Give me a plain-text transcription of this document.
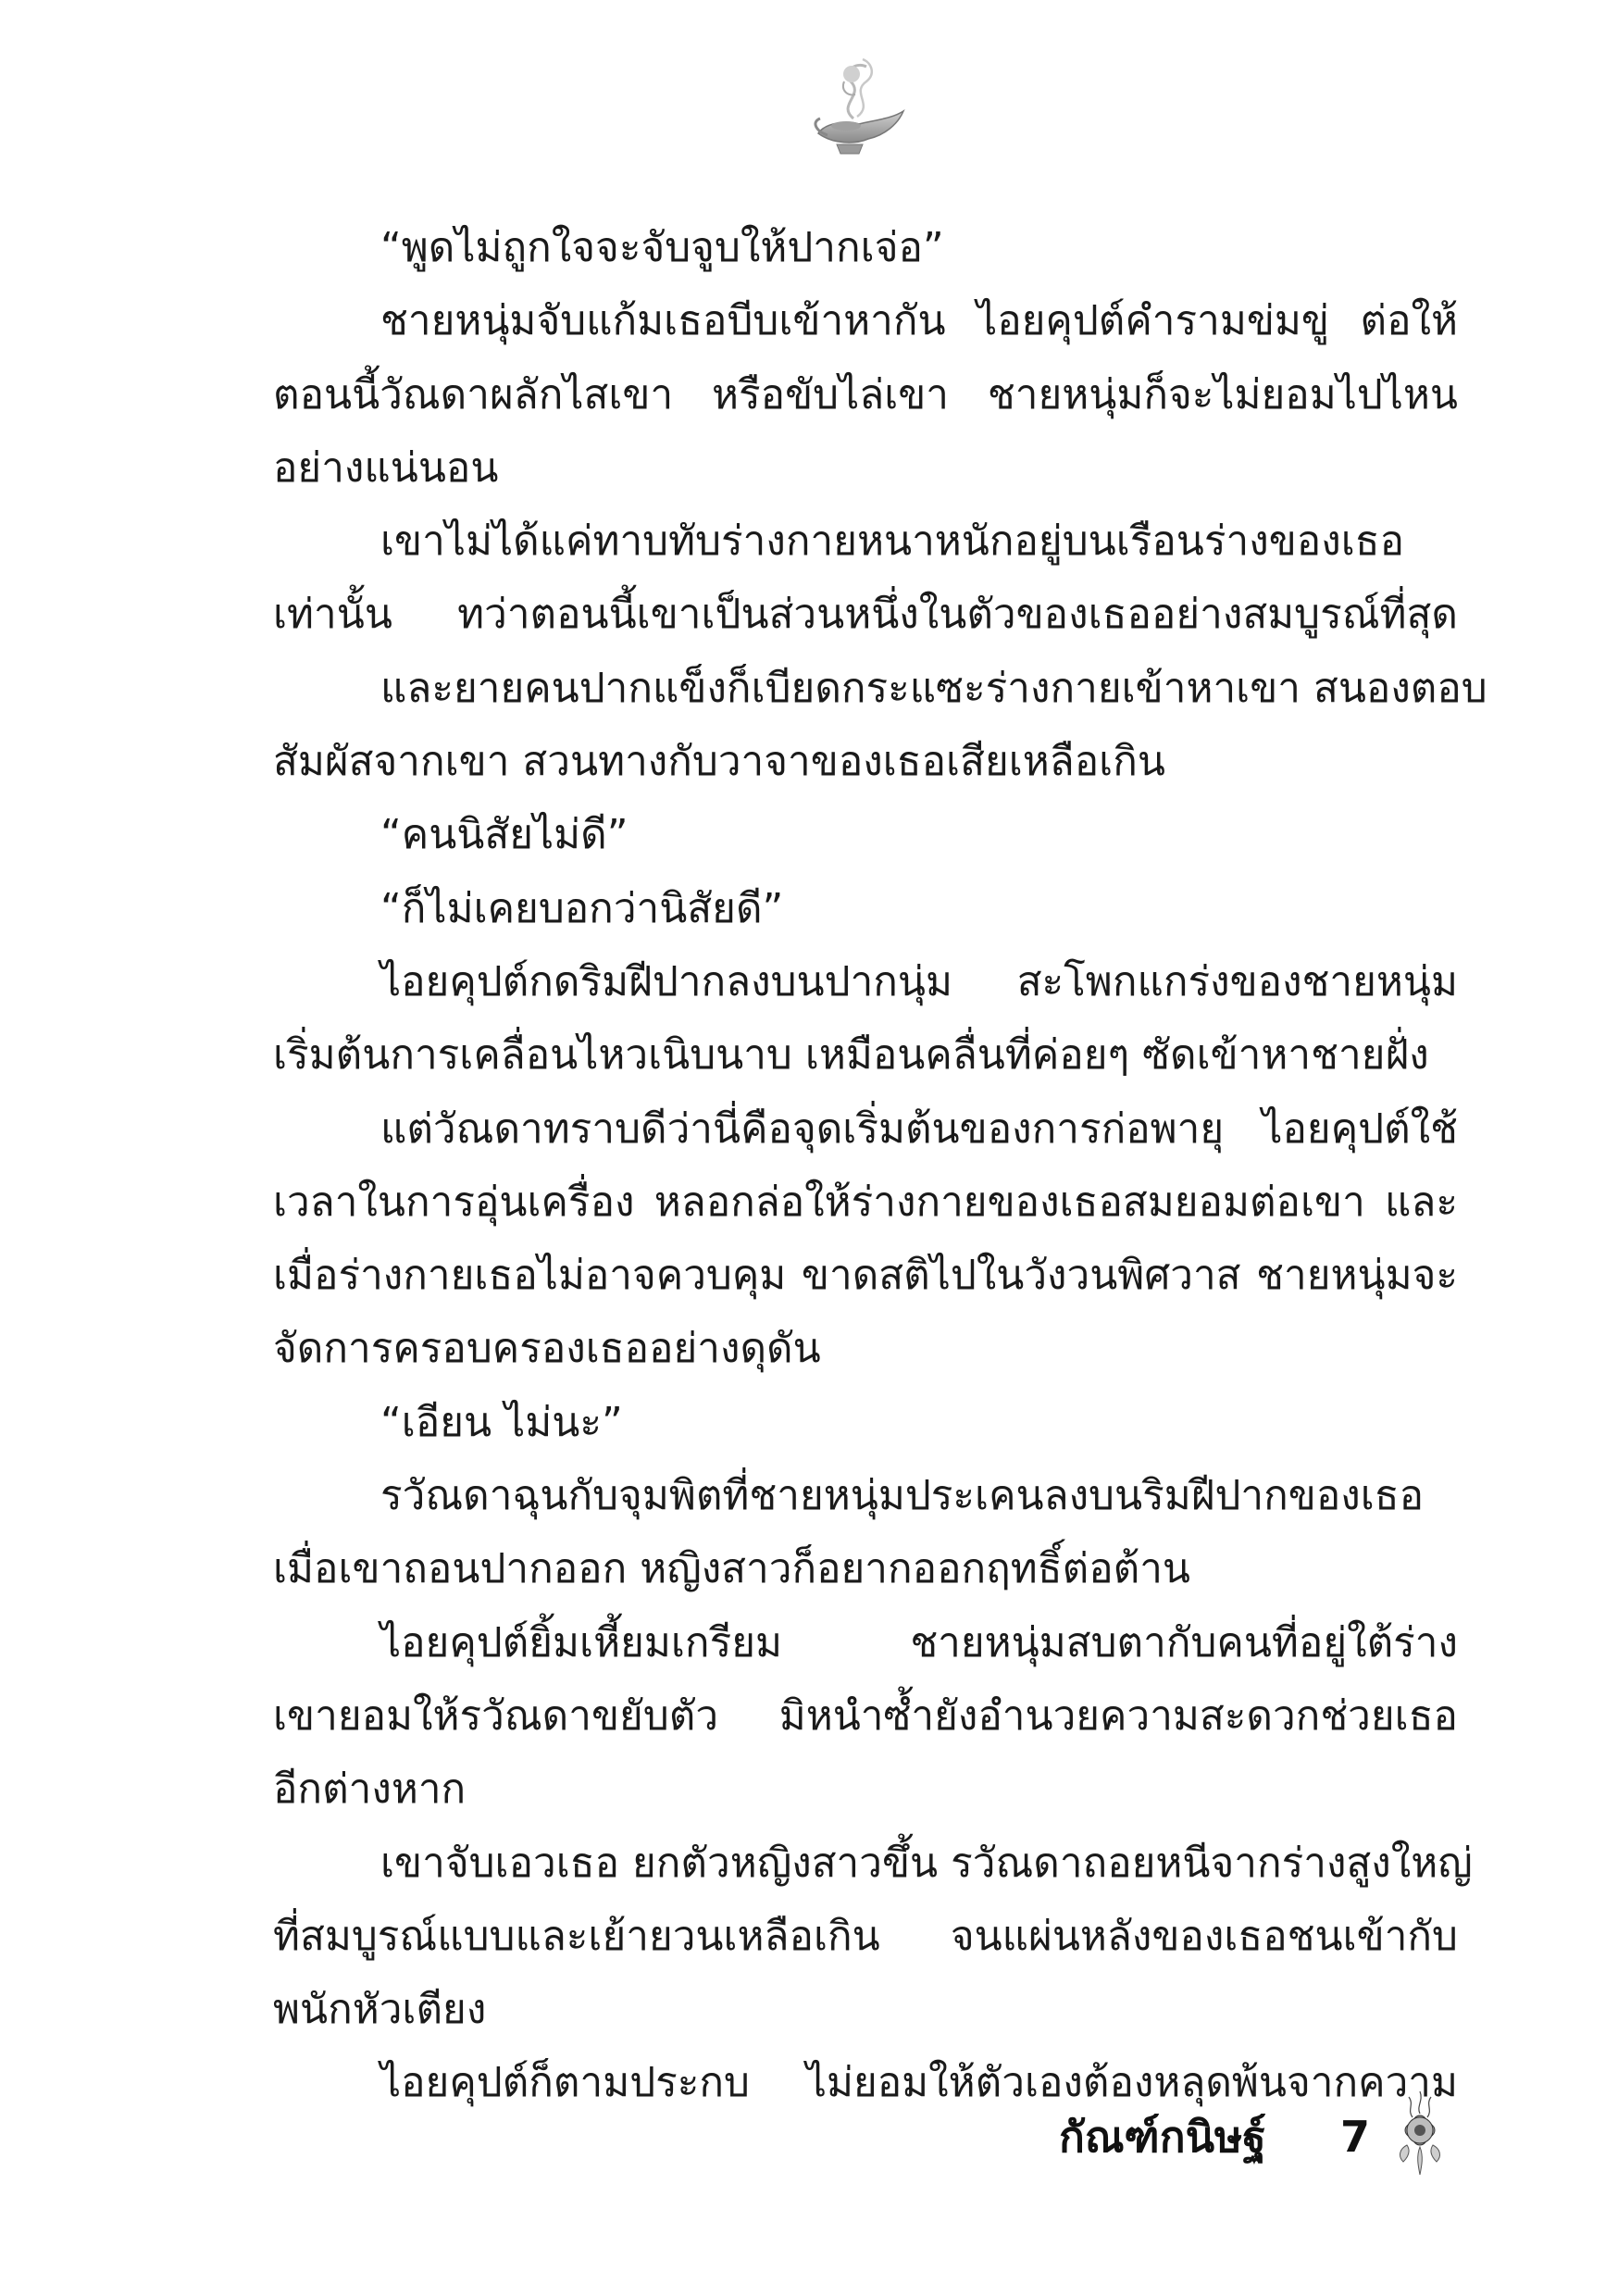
“พูดไม่ถูกใจจะจับจูบให้ปากเจ่อ”
ชายหนุ่มจับแก้มเธอบีบเข้าหากัน ไอยคุปต์คำรามข่มขู่ ต่อให้
ตอนนี้วัณดาผลักไสเขา หรือขับไล่เขา ชายหนุ่มก็จะไม่ยอมไปไหน
อย่างแน่นอน
เขาไม่ได้แค่ทาบทับร่างกายหนาหนักอยู่บนเรือนร่างของเธอ
เท่านั้น ทว่าตอนนี้เขาเป็นส่วนหนึ่งในตัวของเธออย่างสมบูรณ์ที่สุด
และยายคนปากแข็งก็เบียดกระแซะร่างกายเข้าหาเขา สนองตอบ
สัมผัสจากเขา สวนทางกับวาจาของเธอเสียเหลือเกิน
“คนนิสัยไม่ดี”
“ก็ไม่เคยบอกว่านิสัยดี”
ไอยคุปต์กดริมฝีปากลงบนปากนุ่ม สะโพกแกร่งของชายหนุ่ม
เริ่มต้นการเคลื่อนไหวเนิบนาบ เหมือนคลื่นที่ค่อยๆ ซัดเข้าหาชายฝั่ง
แต่วัณดาทราบดีว่านี่คือจุดเริ่มต้นของการก่อพายุ ไอยคุปต์ใช้
เวลาในการอุ่นเครื่อง หลอกล่อให้ร่างกายของเธอสมยอมต่อเขา และ
เมื่อร่างกายเธอไม่อาจควบคุม ขาดสติไปในวังวนพิศวาส ชายหนุ่มจะ
จัดการครอบครองเธออย่างดุดัน
“เอียน ไม่นะ”
รวัณดาฉุนกับจุมพิตที่ชายหนุ่มประเคนลงบนริมฝีปากของเธอ
เมื่อเขาถอนปากออก หญิงสาวก็อยากออกฤทธิ์ต่อต้าน
ไอยคุปต์ยิ้มเหี้ยมเกรียม ชายหนุ่มสบตากับคนที่อยู่ใต้ร่าง
เขายอมให้รวัณดาขยับตัว มิหนำซ้ำยังอำนวยความสะดวกช่วยเธอ
อีกต่างหาก
เขาจับเอวเธอ ยกตัวหญิงสาวขึ้น รวัณดาถอยหนีจากร่างสูงใหญ่
ที่สมบูรณ์แบบและเย้ายวนเหลือเกิน จนแผ่นหลังของเธอชนเข้ากับ
พนักหัวเตียง
ไอยคุปต์ก็ตามประกบ ไม่ยอมให้ตัวเองต้องหลุดพ้นจากความ
กัณฑ์กนิษฐ์ 7
